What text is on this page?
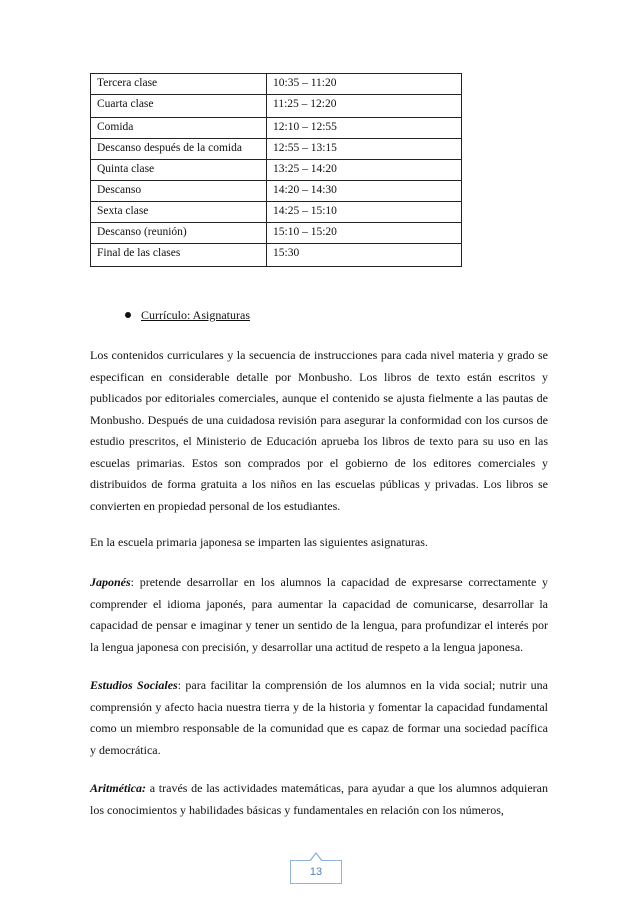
Tercera clase	10:35 – 11:20
Cuarta clase	11:25 – 12:20
Comida	12:10 – 12:55
Descanso después de la comida	12:55 – 13:15
Quinta clase	13:25 – 14:20
Descanso	14:20 – 14:30
Sexta clase	14:25 – 15:10
Descanso (reunión)	15:10 – 15:20
Final de las clases	15:30
Currículo: Asignaturas

Los contenidos curriculares y la secuencia de instrucciones para cada nivel materia y grado se especifican en considerable detalle por Monbusho. Los libros de texto están escritos y publicados por editoriales comerciales, aunque el contenido se ajusta fielmente a las pautas de Monbusho. Después de una cuidadosa revisión para asegurar la conformidad con los cursos de estudio prescritos, el Ministerio de Educación aprueba los libros de texto para su uso en las escuelas primarias. Estos son comprados por el gobierno de los editores comerciales y distribuidos de forma gratuita a los niños en las escuelas públicas y privadas. Los libros se convierten en propiedad personal de los estudiantes.

En la escuela primaria japonesa se imparten las siguientes asignaturas.

Japonés: pretende desarrollar en los alumnos la capacidad de expresarse correctamente y comprender el idioma japonés, para aumentar la capacidad de comunicarse, desarrollar la capacidad de pensar e imaginar y tener un sentido de la lengua, para profundizar el interés por la lengua japonesa con precisión, y desarrollar una actitud de respeto a la lengua japonesa.

Estudios Sociales: para facilitar la comprensión de los alumnos en la vida social; nutrir una comprensión y afecto hacia nuestra tierra y de la historia y fomentar la capacidad fundamental como un miembro responsable de la comunidad que es capaz de formar una sociedad pacífica y democrática.

Aritmética: a través de las actividades matemáticas, para ayudar a que los alumnos adquieran los conocimientos y habilidades básicas y fundamentales en relación con los números,

13
